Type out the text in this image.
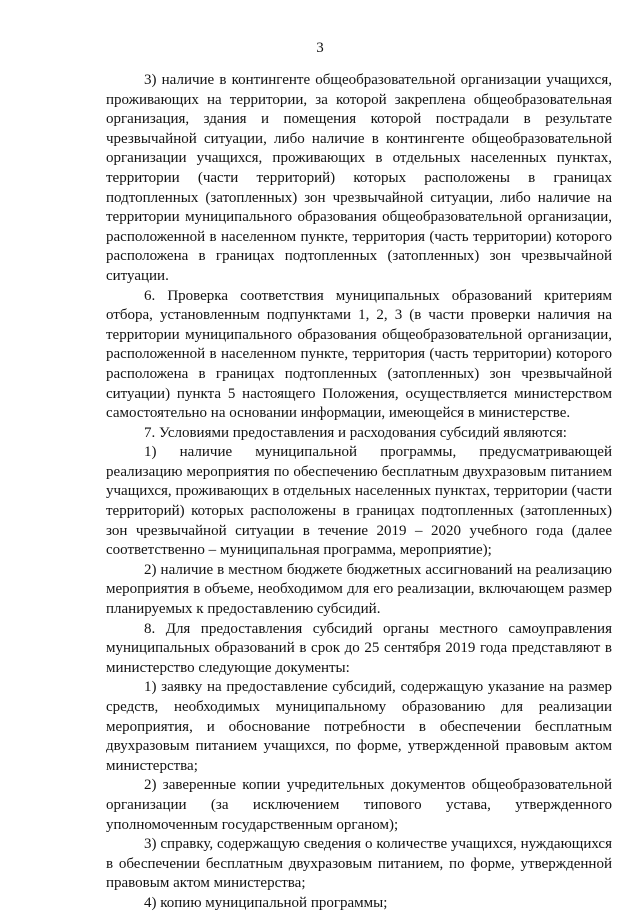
3

3) наличие в контингенте общеобразовательной организации учащихся, проживающих на территории, за которой закреплена общеобразовательная организация, здания и помещения которой пострадали в результате чрезвычайной ситуации, либо наличие в контингенте общеобразовательной организации учащихся, проживающих в отдельных населенных пунктах, территории (части территорий) которых расположены в границах подтопленных (затопленных) зон чрезвычайной ситуации, либо наличие на территории муниципального образования общеобразовательной организации, расположенной в населенном пункте, территория (часть территории) которого расположена в границах подтопленных (затопленных) зон чрезвычайной ситуации.

6. Проверка соответствия муниципальных образований критериям отбора, установленным подпунктами 1, 2, 3 (в части проверки наличия на территории муниципального образования общеобразовательной организации, расположенной в населенном пункте, территория (часть территории) которого расположена в границах подтопленных (затопленных) зон чрезвычайной ситуации) пункта 5 настоящего Положения, осуществляется министерством самостоятельно на основании информации, имеющейся в министерстве.

7. Условиями предоставления и расходования субсидий являются:

1) наличие муниципальной программы, предусматривающей реализацию мероприятия по обеспечению бесплатным двухразовым питанием учащихся, проживающих в отдельных населенных пунктах, территории (части территорий) которых расположены в границах подтопленных (затопленных) зон чрезвычайной ситуации в течение 2019 – 2020 учебного года (далее соответственно – муниципальная программа, мероприятие);

2) наличие в местном бюджете бюджетных ассигнований на реализацию мероприятия в объеме, необходимом для его реализации, включающем размер планируемых к предоставлению субсидий.

8. Для предоставления субсидий органы местного самоуправления муниципальных образований в срок до 25 сентября 2019 года представляют в министерство следующие документы:

1) заявку на предоставление субсидий, содержащую указание на размер средств, необходимых муниципальному образованию для реализации мероприятия, и обоснование потребности в обеспечении бесплатным двухразовым питанием учащихся, по форме, утвержденной правовым актом министерства;

2) заверенные копии учредительных документов общеобразовательной организации (за исключением типового устава, утвержденного уполномоченным государственным органом);

3) справку, содержащую сведения о количестве учащихся, нуждающихся в обеспечении бесплатным двухразовым питанием, по форме, утвержденной правовым актом министерства;

4) копию муниципальной программы;
